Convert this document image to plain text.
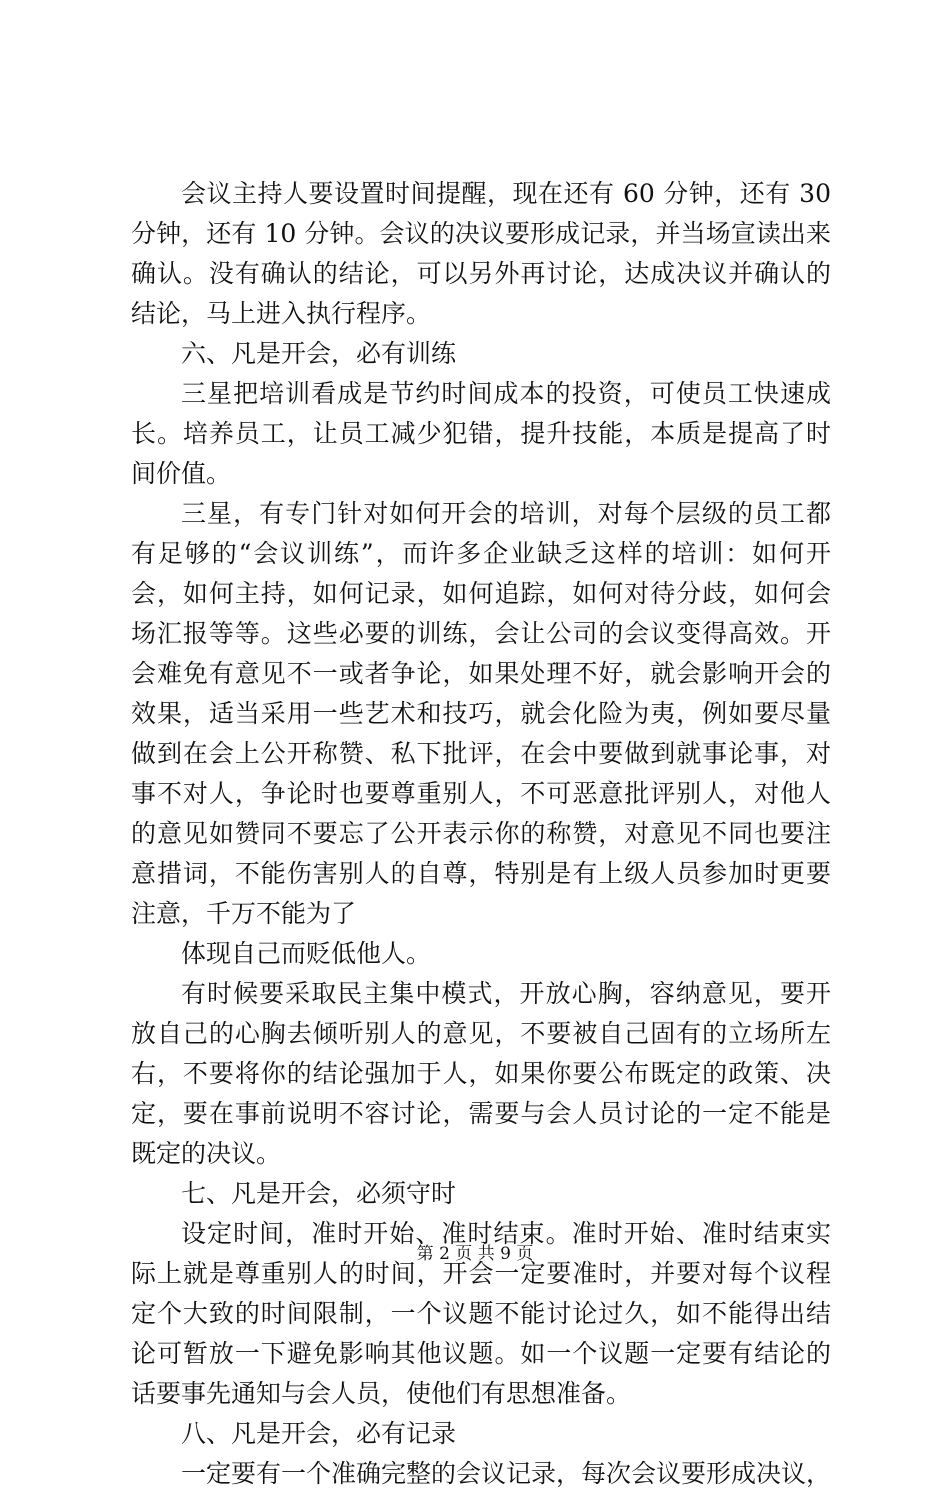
会议主持人要设置时间提醒，现在还有 60 分钟，还有 30
分钟，还有 10 分钟。会议的决议要形成记录，并当场宣读出来
确认。没有确认的结论，可以另外再讨论，达成决议并确认的
结论，马上进入执行程序。
六、凡是开会，必有训练
三星把培训看成是节约时间成本的投资，可使员工快速成
长。培养员工，让员工减少犯错，提升技能，本质是提高了时
间价值。
三星，有专门针对如何开会的培训，对每个层级的员工都
有足够的“会议训练”，而许多企业缺乏这样的培训：如何开
会，如何主持，如何记录，如何追踪，如何对待分歧，如何会
场汇报等等。这些必要的训练，会让公司的会议变得高效。开
会难免有意见不一或者争论，如果处理不好，就会影响开会的
效果，适当采用一些艺术和技巧，就会化险为夷，例如要尽量
做到在会上公开称赞、私下批评，在会中要做到就事论事，对
事不对人，争论时也要尊重别人，不可恶意批评别人，对他人
的意见如赞同不要忘了公开表示你的称赞，对意见不同也要注
意措词，不能伤害别人的自尊，特别是有上级人员参加时更要
注意，千万不能为了
体现自己而贬低他人。
有时候要采取民主集中模式，开放心胸，容纳意见，要开
放自己的心胸去倾听别人的意见，不要被自己固有的立场所左
右，不要将你的结论强加于人，如果你要公布既定的政策、决
定，要在事前说明不容讨论，需要与会人员讨论的一定不能是
既定的决议。
七、凡是开会，必须守时
设定时间，准时开始、准时结束。准时开始、准时结束实
际上就是尊重别人的时间，开会一定要准时，并要对每个议程
定个大致的时间限制，一个议题不能讨论过久，如不能得出结
论可暂放一下避免影响其他议题。如一个议题一定要有结论的
话要事先通知与会人员，使他们有思想准备。
八、凡是开会，必有记录
一定要有一个准确完整的会议记录，每次会议要形成决议，
第 2 页 共 9 页
